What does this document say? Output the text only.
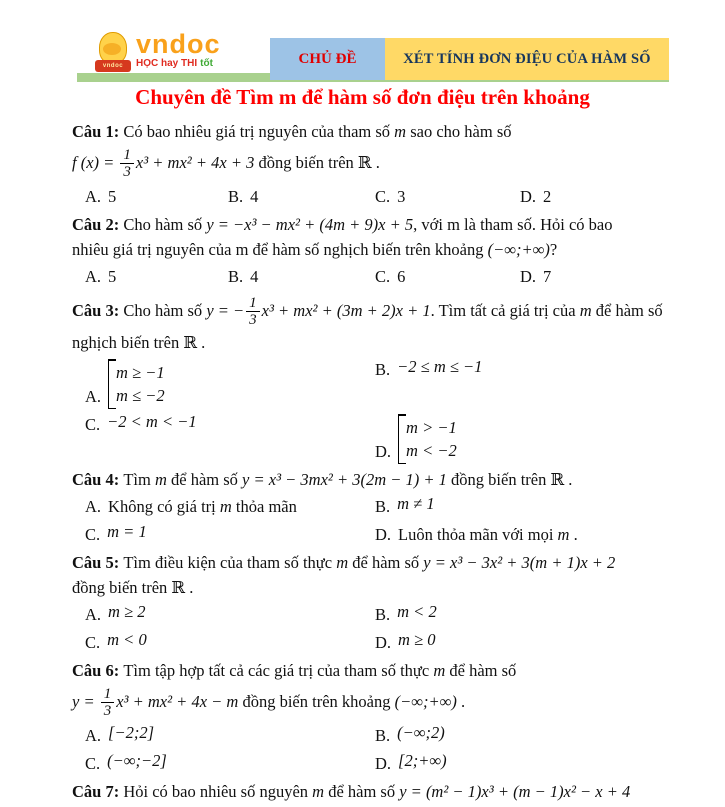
vndoc
vndoc
HỌC hay THI tốt	CHỦ ĐỀ	XÉT TÍNH ĐƠN ĐIỆU CỦA HÀM SỐ
Chuyên đề Tìm m để hàm số đơn điệu trên khoảng
Câu 1: Có bao nhiêu giá trị nguyên của tham số m sao cho hàm số
f $(x) = \frac{1}{3} x^3 + mx^2 + 4x + 3$ đồng biến trên ℝ .
A. 5	B. 4	C. 3	D. 2
Câu 2: Cho hàm số y = −x³ − mx² + (4m + 9)x + 5, với m là tham số. Hỏi có bao
nhiêu giá trị nguyên của m để hàm số nghịch biến trên khoảng (−∞;+∞)?
A. 5	B. 4	C. 6	D. 7
Câu 3: Cho hàm số y = − $\frac{1}{3} x^3 + mx^2 + (3m + 2)x + 1$. Tìm tất cả giá trị của m để hàm số
nghịch biến trên ℝ .
A.
m ≥ −1
m ≤ −2
B. −2 ≤ m ≤ −1
C. −2 < m < −1
D.
m > −1
m < −2
Câu 4: Tìm m để hàm số y = x³ − 3mx² + 3(2m − 1) + 1 đồng biến trên ℝ .
A. Không có giá trị m thỏa mãn	B. m ≠ 1
C. m = 1	D. Luôn thỏa mãn với mọi m .
Câu 5: Tìm điều kiện của tham số thực m để hàm số y = x³ − 3x² + 3(m + 1)x + 2
đồng biến trên ℝ .
A. m ≥ 2	B. m < 2
C. m < 0	D. m ≥ 0
Câu 6: Tìm tập hợp tất cả các giá trị của tham số thực m để hàm số
$y = \frac{1}{3} x^3 + mx^2 + 4x - m$ đồng biến trên khoảng (−∞;+∞) .
A. [−2;2]	B. (−∞;2)
C. (−∞;−2]	D. [2;+∞)
Câu 7: Hỏi có bao nhiêu số nguyên m để hàm số y = (m² − 1)x³ + (m − 1)x² − x + 4
